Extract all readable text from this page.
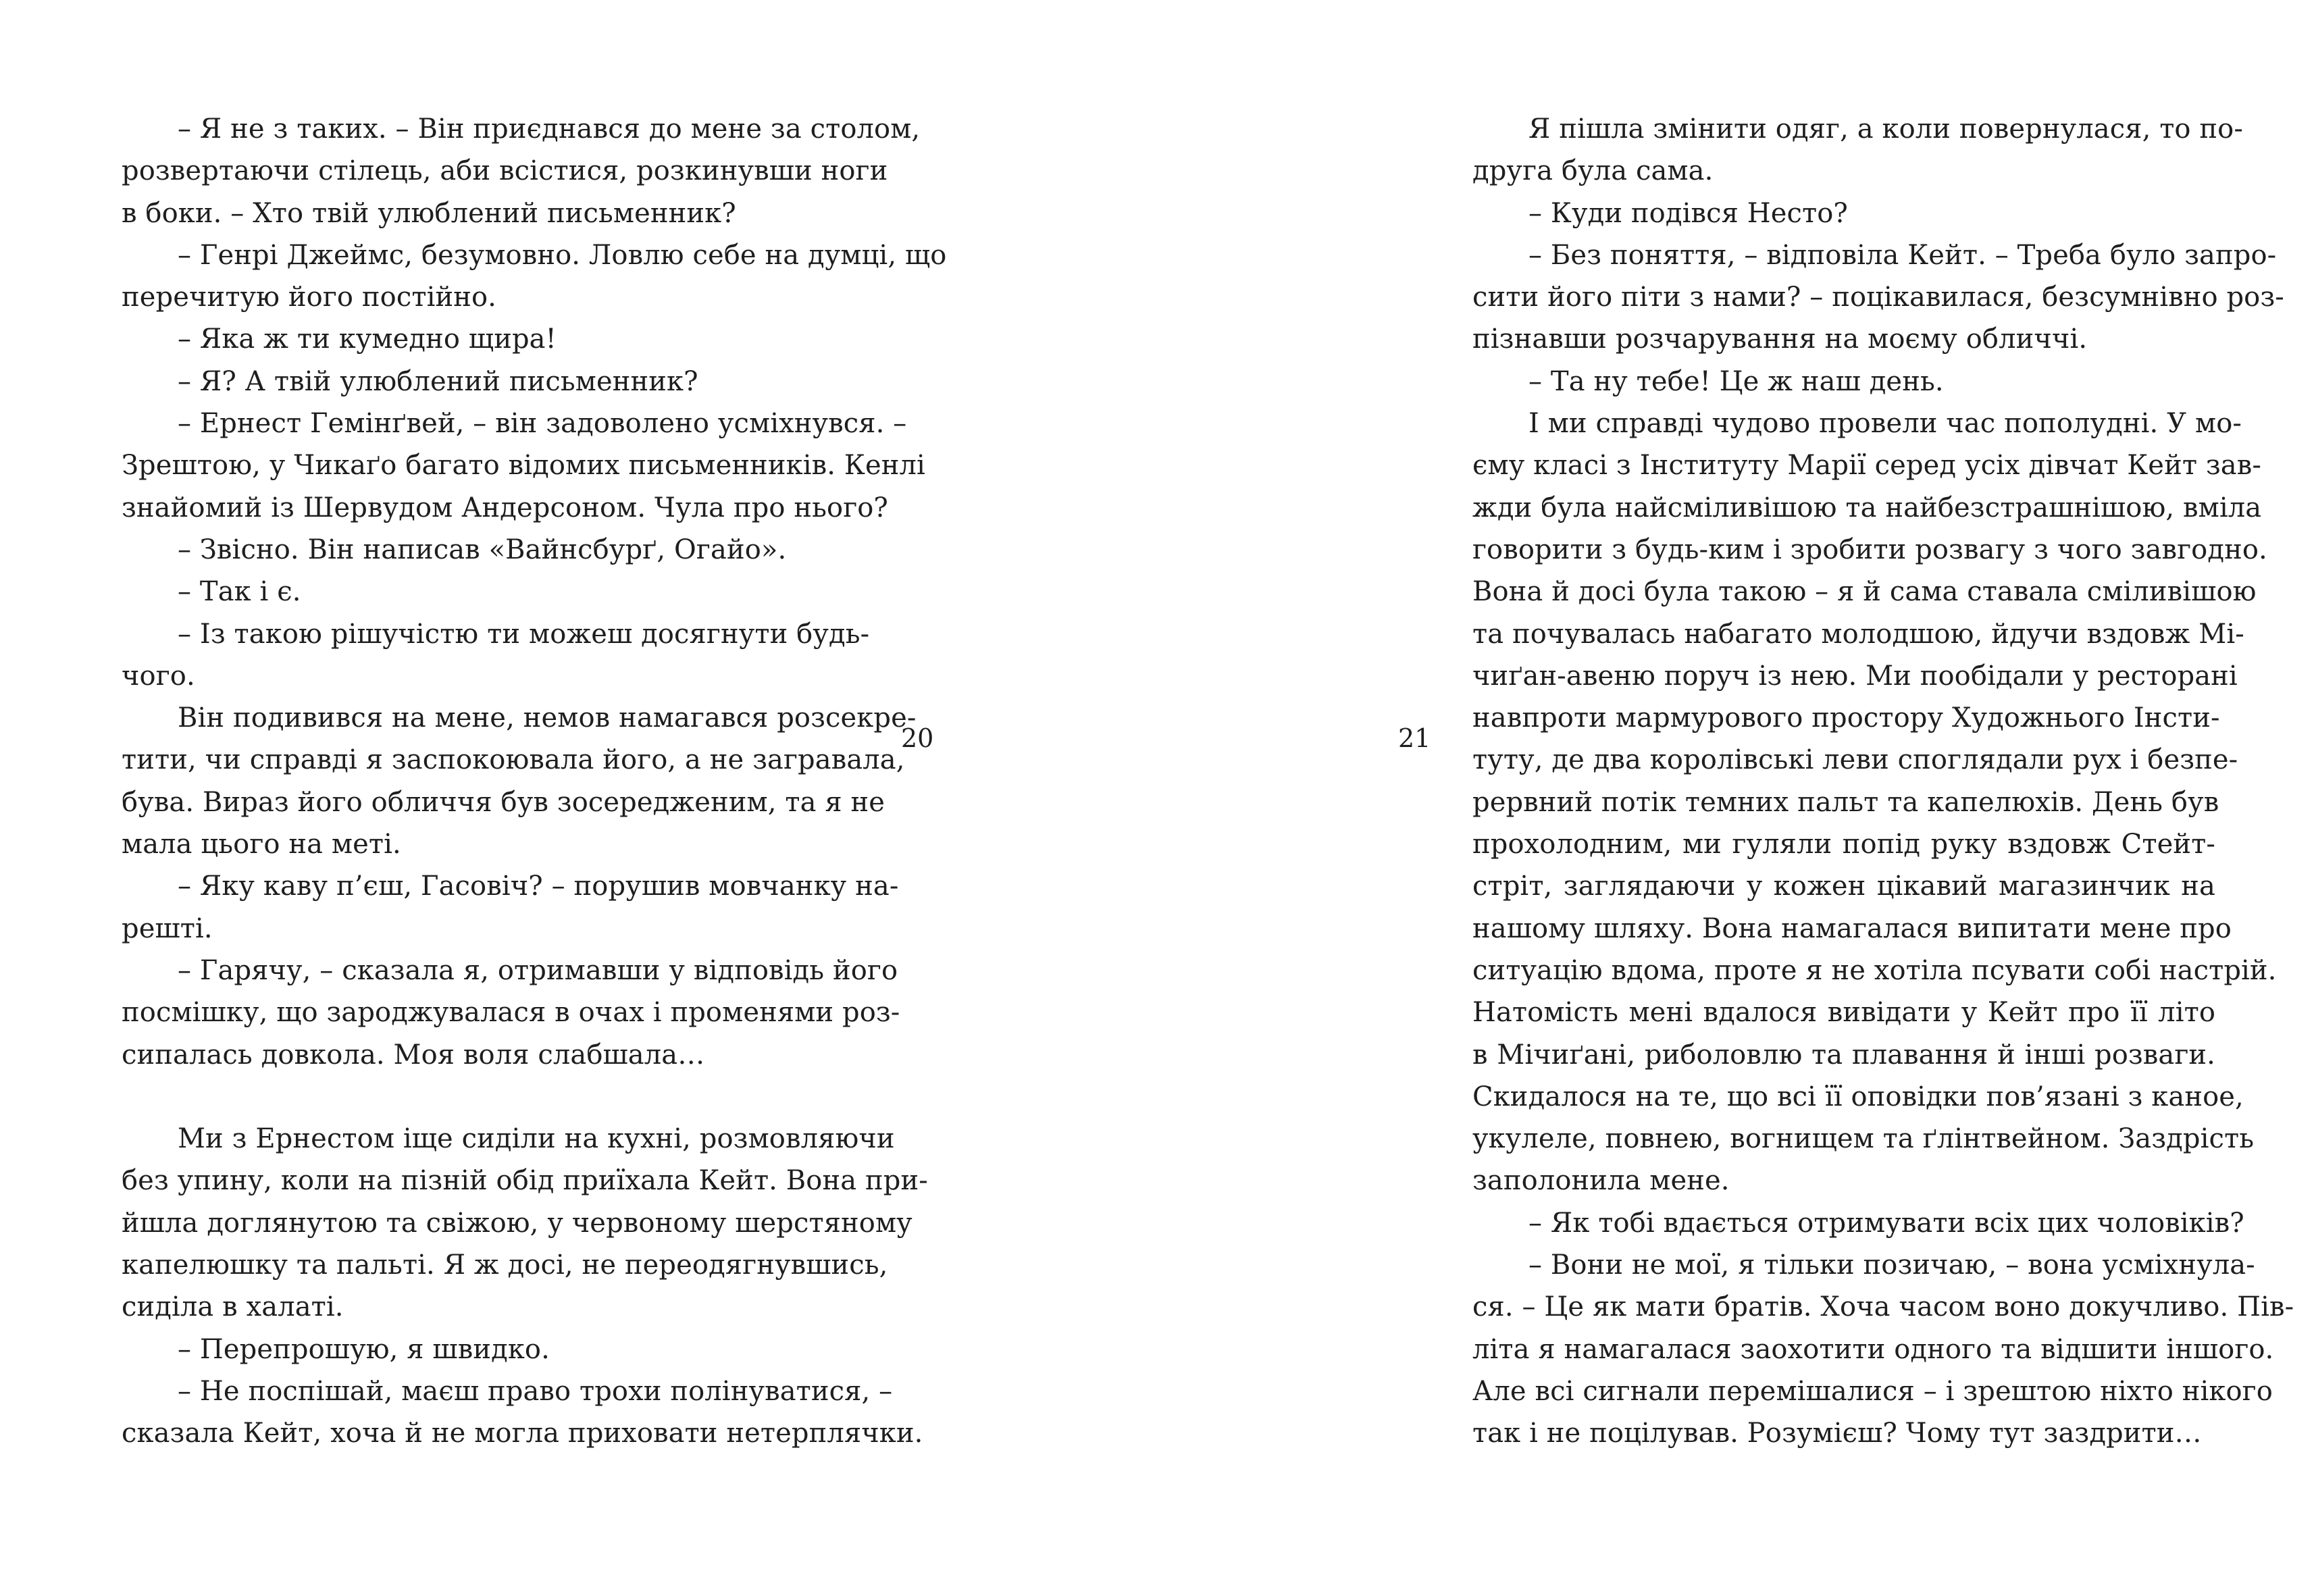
– Я не з таких. – Він приєднався до мене за столом,
розвертаючи стілець, аби всістися, розкинувши ноги
в боки. – Хто твій улюблений письменник?
– Генрі Джеймс, безумовно. Ловлю себе на думці, що
перечитую його постійно.
– Яка ж ти кумедно щира!
– Я? А твій улюблений письменник?
– Ернест Гемінґвей, – він задоволено усміхнувся. –
Зрештою, у Чикаґо багато відомих письменників. Кенлі
знайомий із Шервудом Андерсоном. Чула про нього?
– Звісно. Він написав «Вайнсбурґ, Огайо».
– Так і є.
– Із такою рішучістю ти можеш досягнути будь-
чого.
Він подивився на мене, немов намагався розсекре-
тити, чи справді я заспокоювала його, а не загравала,
бува. Вираз його обличчя був зосередженим, та я не
мала цього на меті.
– Яку каву п’єш, Гасовіч? – порушив мовчанку на-
решті.
– Гарячу, – сказала я, отримавши у відповідь його
посмішку, що зароджувалася в очах і променями роз-
сипалась довкола. Моя воля слабшала…
Ми з Ернестом іще сиділи на кухні, розмовляючи
без упину, коли на пізній обід приїхала Кейт. Вона при-
йшла доглянутою та свіжою, у червоному шерстяному
капелюшку та пальті. Я ж досі, не переодягнувшись,
сиділа в халаті.
– Перепрошую, я швидко.
– Не поспішай, маєш право трохи полінуватися, –
сказала Кейт, хоча й не могла приховати нетерплячки.
20	21
Я пішла змінити одяг, а коли повернулася, то по-
друга була сама.
– Куди подівся Несто?
– Без поняття, – відповіла Кейт. – Треба було запро-
сити його піти з нами? – поцікавилася, безсумнівно роз-
пізнавши розчарування на моєму обличчі.
– Та ну тебе! Це ж наш день.
І ми справді чудово провели час пополудні. У мо-
єму класі з Інституту Марії серед усіх дівчат Кейт зав-
жди була найсміливішою та найбезстрашнішою, вміла
говорити з будь-ким і зробити розвагу з чого завгодно.
Вона й досі була такою – я й сама ставала сміливішою
та почувалась набагато молодшою, йдучи вздовж Мі-
чиґан-авеню поруч із нею. Ми пообідали у ресторані
навпроти мармурового простору Художнього Інсти-
туту, де два королівські леви споглядали рух і безпе-
рервний потік темних пальт та капелюхів. День був
прохолодним, ми гуляли попід руку вздовж Стейт-
стріт, заглядаючи у кожен цікавий магазинчик на
нашому шляху. Вона намагалася випитати мене про
ситуацію вдома, проте я не хотіла псувати собі настрій.
Натомість мені вдалося вивідати у Кейт про її літо
в Мічиґані, риболовлю та плавання й інші розваги.
Скидалося на те, що всі її оповідки пов’язані з каное,
укулеле, повнею, вогнищем та ґлінтвейном. Заздрість
заполонила мене.
– Як тобі вдається отримувати всіх цих чоловіків?
– Вони не мої, я тільки позичаю, – вона усміхнула-
ся. – Це як мати братів. Хоча часом воно докучливо. Пів-
літа я намагалася заохотити одного та відшити іншого.
Але всі сигнали перемішалися – і зрештою ніхто нікого
так і не поцілував. Розумієш? Чому тут заздрити…
